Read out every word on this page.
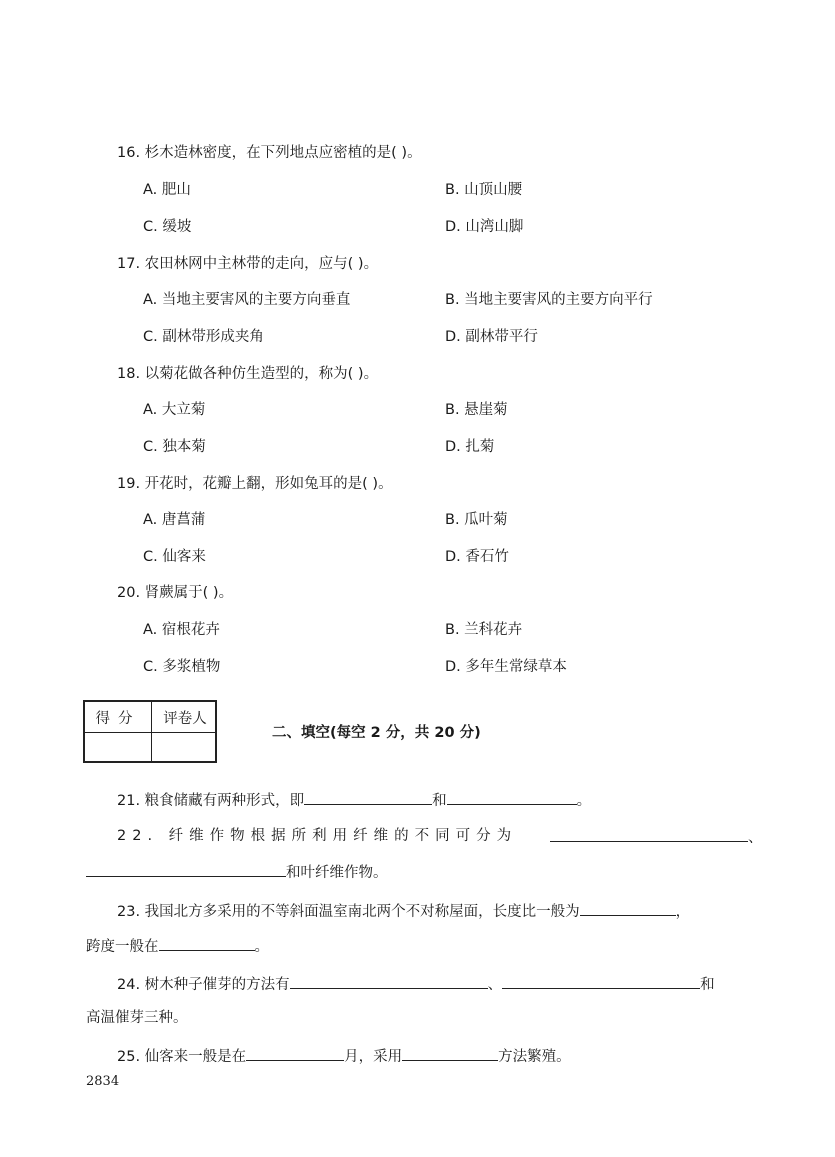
16. 杉木造林密度，在下列地点应密植的是( )。
A. 肥山	B. 山顶山腰
C. 缓坡	D. 山湾山脚
17. 农田林网中主林带的走向，应与( )。
A. 当地主要害风的主要方向垂直	B. 当地主要害风的主要方向平行
C. 副林带形成夹角	D. 副林带平行
18. 以菊花做各种仿生造型的，称为( )。
A. 大立菊	B. 悬崖菊
C. 独本菊	D. 扎菊
19. 开花时，花瓣上翻，形如兔耳的是( )。
A. 唐菖蒲	B. 瓜叶菊
C. 仙客来	D. 香石竹
20. 肾蕨属于( )。
A. 宿根花卉	B. 兰科花卉
C. 多浆植物	D. 多年生常绿草本
得分	评卷人
二、填空(每空 2 分，共 20 分)
21. 粮食储藏有两种形式，即	和	。
22. 纤维作物根据所利用纤维的不同可分为	、
和叶纤维作物。
23. 我国北方多采用的不等斜面温室南北两个不对称屋面，长度比一般为	，
跨度一般在	。
24. 树木种子催芽的方法有	、	和
高温催芽三种。
25. 仙客来一般是在	月，采用	方法繁殖。
2834
